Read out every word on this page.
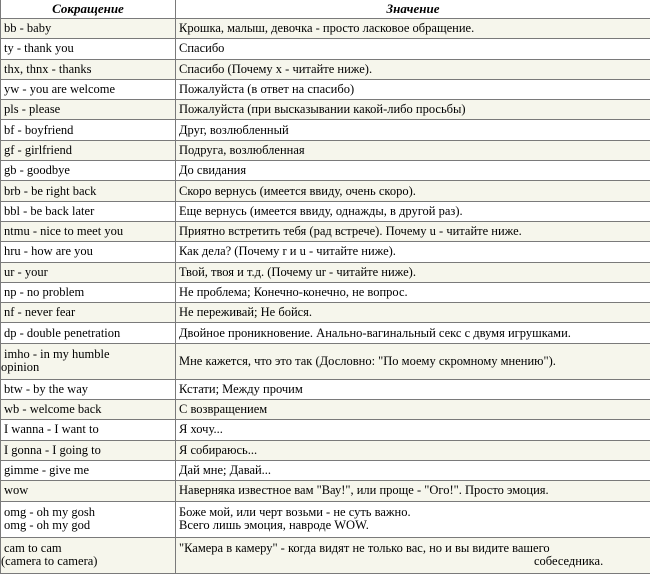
Сокращение	Значение
bb - baby	Крошка, малыш, девочка - просто ласковое обращение.
ty - thank you	Спасибо
thx, thnx - thanks	Спасибо (Почему x - читайте ниже).
yw - you are welcome	Пожалуйста (в ответ на спасибо)
pls - please	Пожалуйста (при высказывании какой-либо просьбы)
bf - boyfriend	Друг, возлюбленный
gf - girlfriend	Подруга, возлюбленная
gb - goodbye	До свидания
brb - be right back	Скоро вернусь (имеется ввиду, очень скоро).
bbl - be back later	Еще вернусь (имеется ввиду, однажды, в другой раз).
ntmu - nice to meet you	Приятно встретить тебя (рад встрече). Почему u - читайте ниже.
hru - how are you	Как дела? (Почему r и u - читайте ниже).
ur - your	Твой, твоя и т.д. (Почему ur - читайте ниже).
np - no problem	Не проблема; Конечно-конечно, не вопрос.
nf - never fear	Не переживай; Не бойся.
dp - double penetration	Двойное проникновение. Анально-вагинальный секс с двумя игрушками.

imho - in my humble
opinion	Мне кажется, что это так (Дословно: "По моему скромному мнению").
btw - by the way	Кстати; Между прочим
wb - welcome back	С возвращением
I wanna - I want to	Я хочу...
I gonna - I going to	Я собираюсь...
gimme - give me	Дай мне; Давай...
wow	Наверняка известное вам "Вау!", или проще - "Ого!". Просто эмоция.

omg - oh my gosh
omg - oh my god	Боже мой, или черт возьми - не суть важно.
Всего лишь эмоция, навроде WOW.

cam to cam
(camera to camera)	"Камера в камеру" - когда видят не только вас, но и вы видите вашего
собеседника.
